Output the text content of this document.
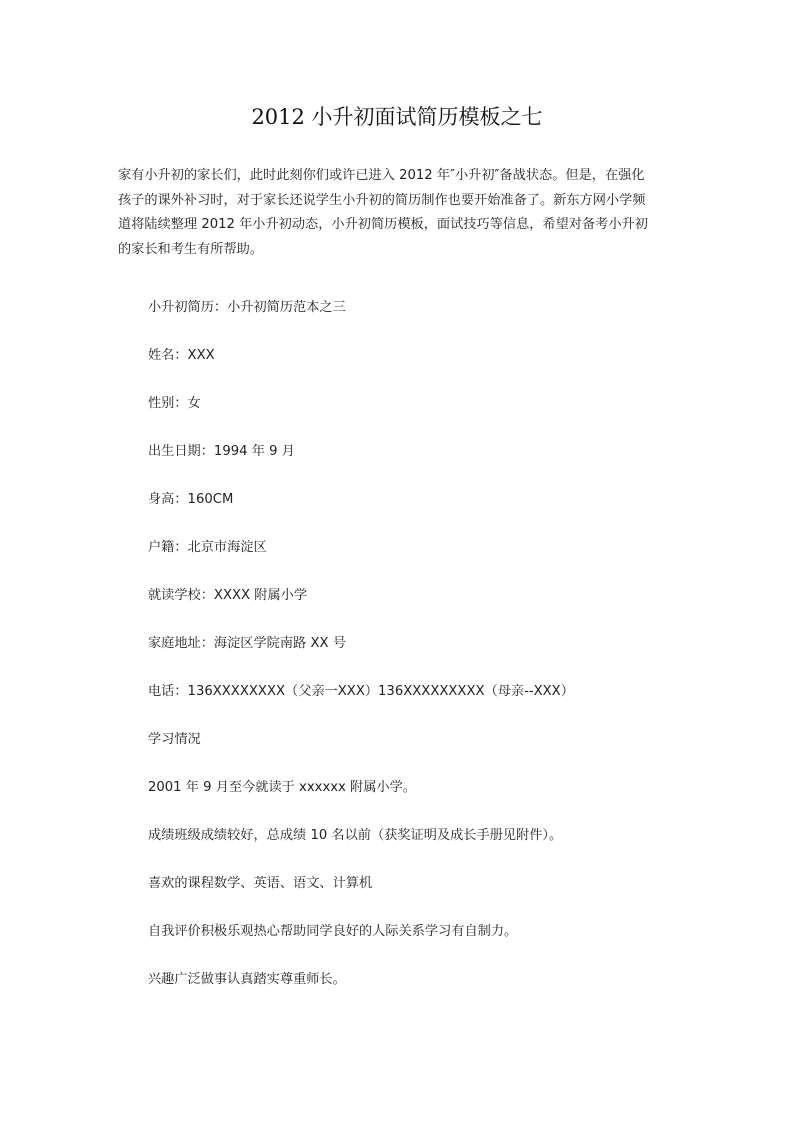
2012 小升初面试简历模板之七
家有小升初的家长们，此时此刻你们或许已进入 2012 年″小升初″备战状态。但是，在强化
孩子的课外补习时，对于家长还说学生小升初的简历制作也要开始准备了。新东方网小学频
道将陆续整理 2012 年小升初动态，小升初简历模板，面试技巧等信息，希望对备考小升初
的家长和考生有所帮助。
小升初简历：小升初简历范本之三
姓名：XXX
性别：女
出生日期：1994 年 9 月
身高：160CM
户籍：北京市海淀区
就读学校：XXXX 附属小学
家庭地址：海淀区学院南路 XX 号
电话：136XXXXXXXX（父亲一XXX）136XXXXXXXXX（母亲--XXX）
学习情况
2001 年 9 月至今就读于 xxxxxx 附属小学。
成绩班级成绩较好，总成绩 10 名以前（获奖证明及成长手册见附件）。
喜欢的课程数学、英语、语文、计算机
自我评价积极乐观热心帮助同学良好的人际关系学习有自制力。
兴趣广泛做事认真踏实尊重师长。
